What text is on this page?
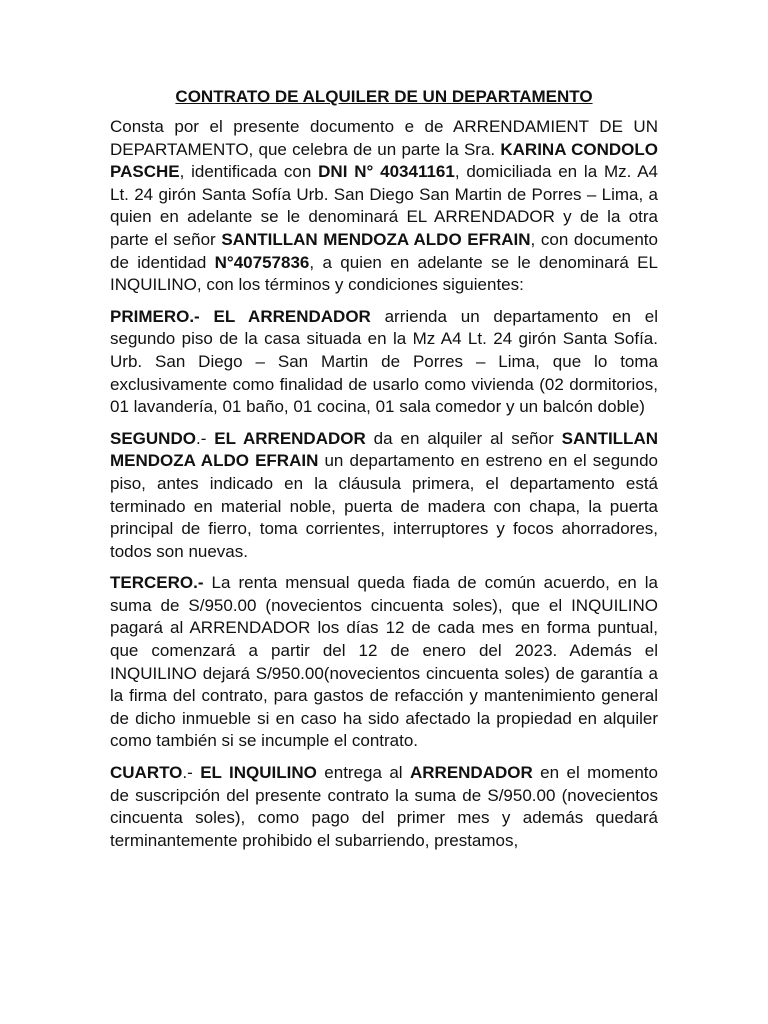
CONTRATO DE ALQUILER DE UN DEPARTAMENTO

Consta por el presente documento e de ARRENDAMIENT DE UN DEPARTAMENTO, que celebra de un parte la Sra. KARINA CONDOLO PASCHE, identificada con DNI N° 40341161, domiciliada en la Mz. A4 Lt. 24 girón Santa Sofía Urb. San Diego San Martin de Porres – Lima, a quien en adelante se le denominará EL ARRENDADOR y de la otra parte el señor SANTILLAN MENDOZA ALDO EFRAIN, con documento de identidad N°40757836, a quien en adelante se le denominará EL INQUILINO, con los términos y condiciones siguientes:

PRIMERO.- EL ARRENDADOR arrienda un departamento en el segundo piso de la casa situada en la Mz A4 Lt. 24 girón Santa Sofía. Urb. San Diego – San Martin de Porres – Lima, que lo toma exclusivamente como finalidad de usarlo como vivienda (02 dormitorios, 01 lavandería, 01 baño, 01 cocina, 01 sala comedor y un balcón doble)

SEGUNDO.- EL ARRENDADOR da en alquiler al señor SANTILLAN MENDOZA ALDO EFRAIN un departamento en estreno en el segundo piso, antes indicado en la cláusula primera, el departamento está terminado en material noble, puerta de madera con chapa, la puerta principal de fierro, toma corrientes, interruptores y focos ahorradores, todos son nuevas.

TERCERO.- La renta mensual queda fiada de común acuerdo, en la suma de S/950.00 (novecientos cincuenta soles), que el INQUILINO pagará al ARRENDADOR los días 12 de cada mes en forma puntual, que comenzará a partir del 12 de enero del 2023. Además el INQUILINO dejará S/950.00(novecientos cincuenta soles) de garantía a la firma del contrato, para gastos de refacción y mantenimiento general de dicho inmueble si en caso ha sido afectado la propiedad en alquiler como también si se incumple el contrato.

CUARTO.- EL INQUILINO entrega al ARRENDADOR en el momento de suscripción del presente contrato la suma de S/950.00 (novecientos cincuenta soles), como pago del primer mes y además quedará terminantemente prohibido el subarriendo, prestamos,
